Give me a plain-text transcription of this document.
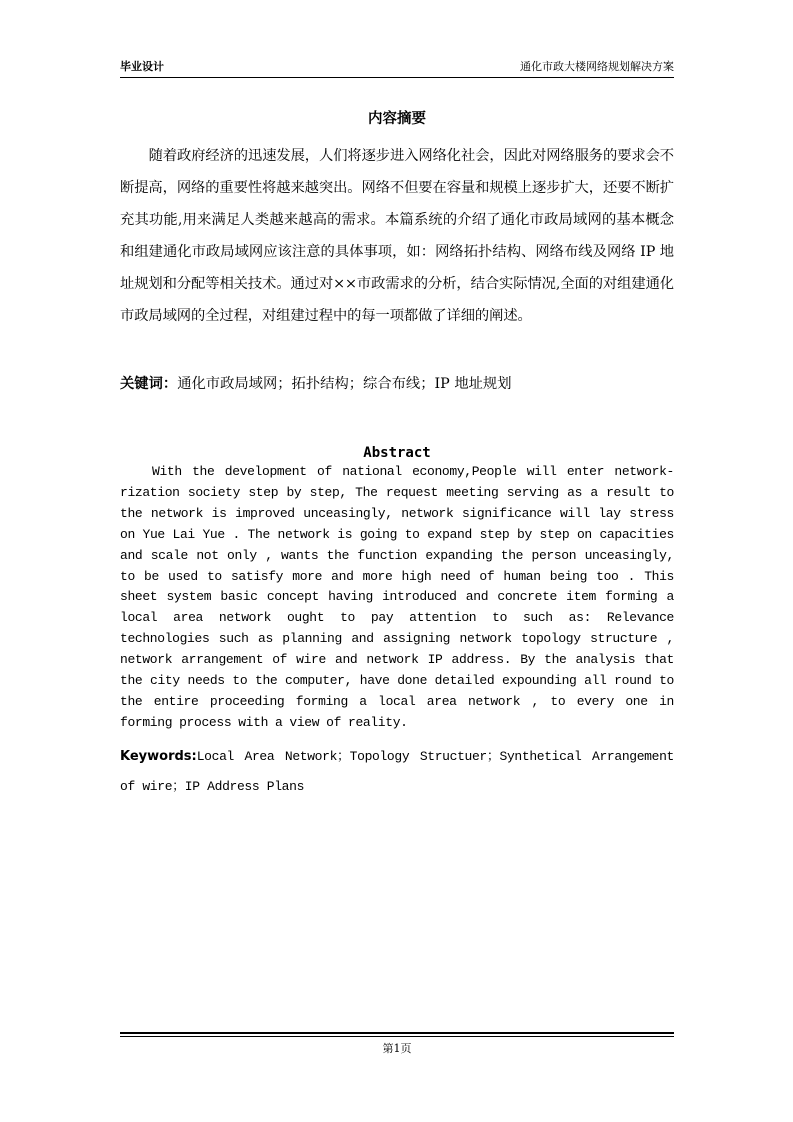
毕业设计	通化市政大楼网络规划解决方案
内容摘要

随着政府经济的迅速发展，人们将逐步进入网络化社会，因此对网络服务的要求会不断提高，网络的重要性将越来越突出。网络不但要在容量和规模上逐步扩大，还要不断扩充其功能,用来满足人类越来越高的需求。本篇系统的介绍了通化市政局域网的基本概念和组建通化市政局域网应该注意的具体事项，如：网络拓扑结构、网络布线及网络 IP 地址规划和分配等相关技术。通过对××市政需求的分析，结合实际情况,全面的对组建通化市政局域网的全过程，对组建过程中的每一项都做了详细的阐述。

关键词：通化市政局域网；拓扑结构；综合布线；IP 地址规划
Abstract

With the development of national economy,People will enter network-rization society step by step, The request meeting serving as a result to the network is improved unceasingly, network significance will lay stress on Yue Lai Yue . The network is going to expand step by step on capacities and scale not only , wants the function expanding the person unceasingly, to be used to satisfy more and more high need of human being too . This sheet system basic concept having introduced and concrete item forming a local area network ought to pay attention to such as: Relevance technologies such as planning and assigning network topology structure , network arrangement of wire and network IP address. By the analysis that the city needs to the computer, have done detailed expounding all round to the entire proceeding forming a local area network , to every one in forming process with a view of reality.

Keywords:Local Area Network；Topology Structuer；Synthetical Arrangement of wire；IP Address Plans

第1页
